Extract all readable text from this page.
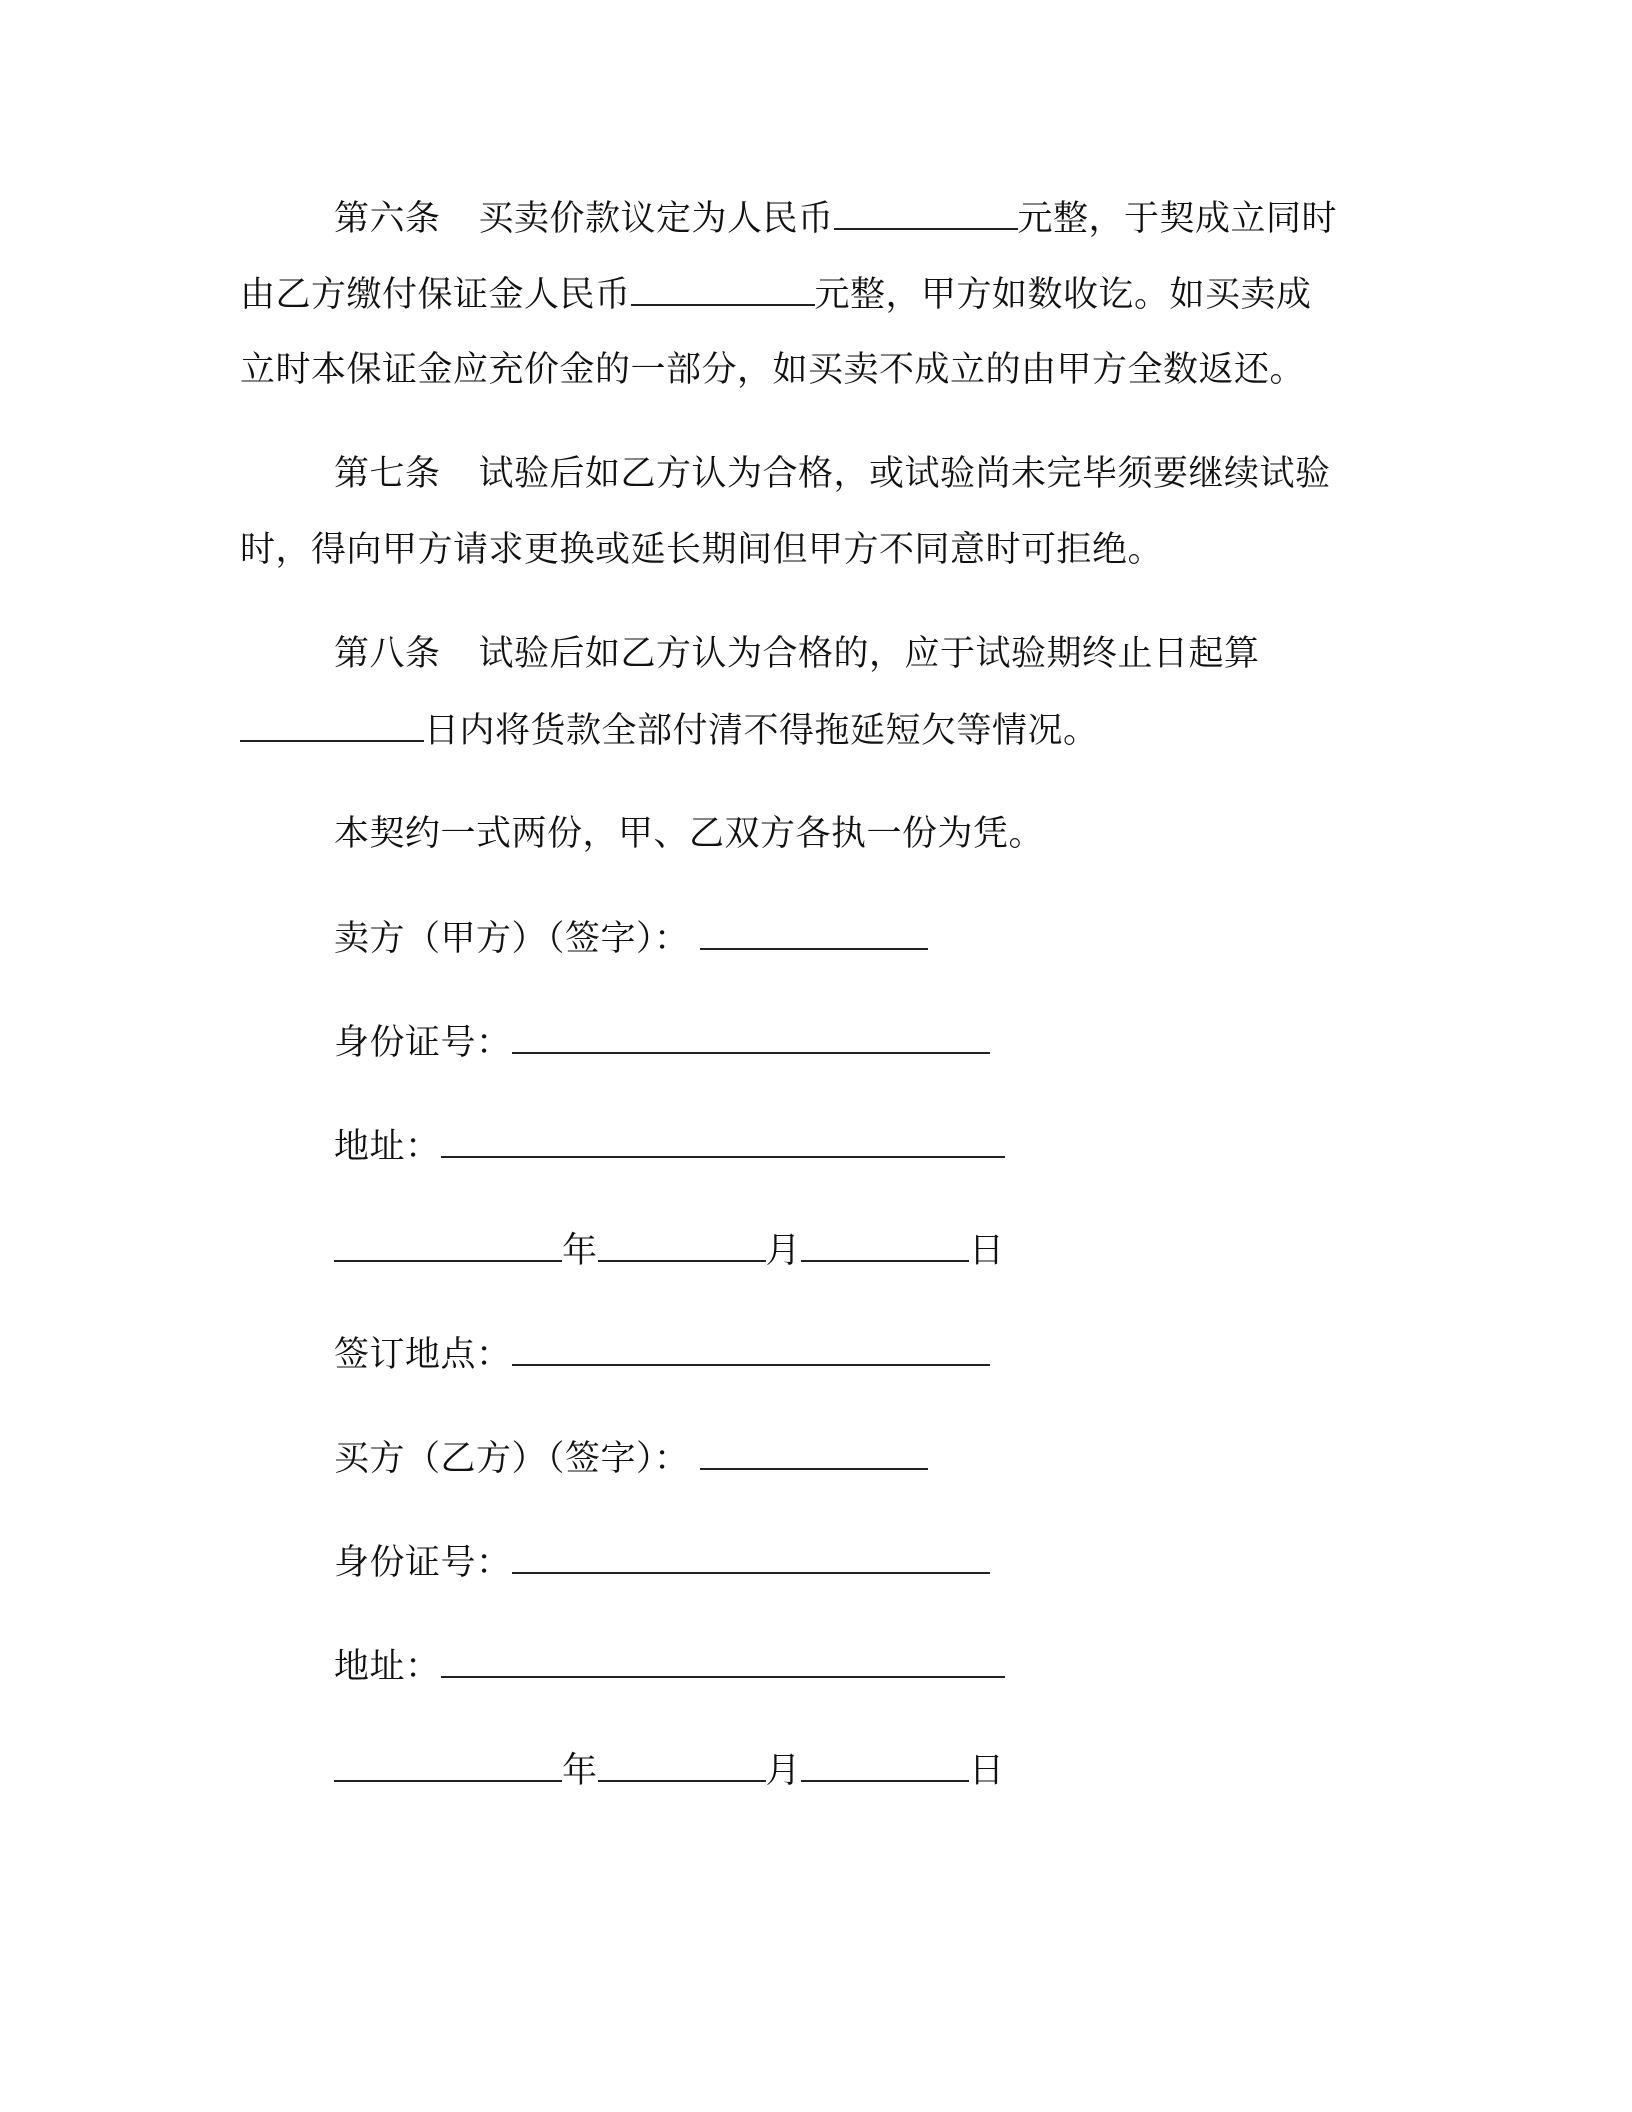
第六条 买卖价款议定为人民币	元整，于契成立同时
由乙方缴付保证金人民币	元整，甲方如数收讫。如买卖成
立时本保证金应充价金的一部分，如买卖不成立的由甲方全数返还。
第七条 试验后如乙方认为合格，或试验尚未完毕须要继续试验
时，得向甲方请求更换或延长期间但甲方不同意时可拒绝。
第八条 试验后如乙方认为合格的，应于试验期终止日起算
日内将货款全部付清不得拖延短欠等情况。
本契约一式两份，甲、乙双方各执一份为凭。
卖方（甲方）（签字）：
身份证号：
地址：
年	月	日
签订地点：
买方（乙方）（签字）：
身份证号：
地址：
年	月	日
